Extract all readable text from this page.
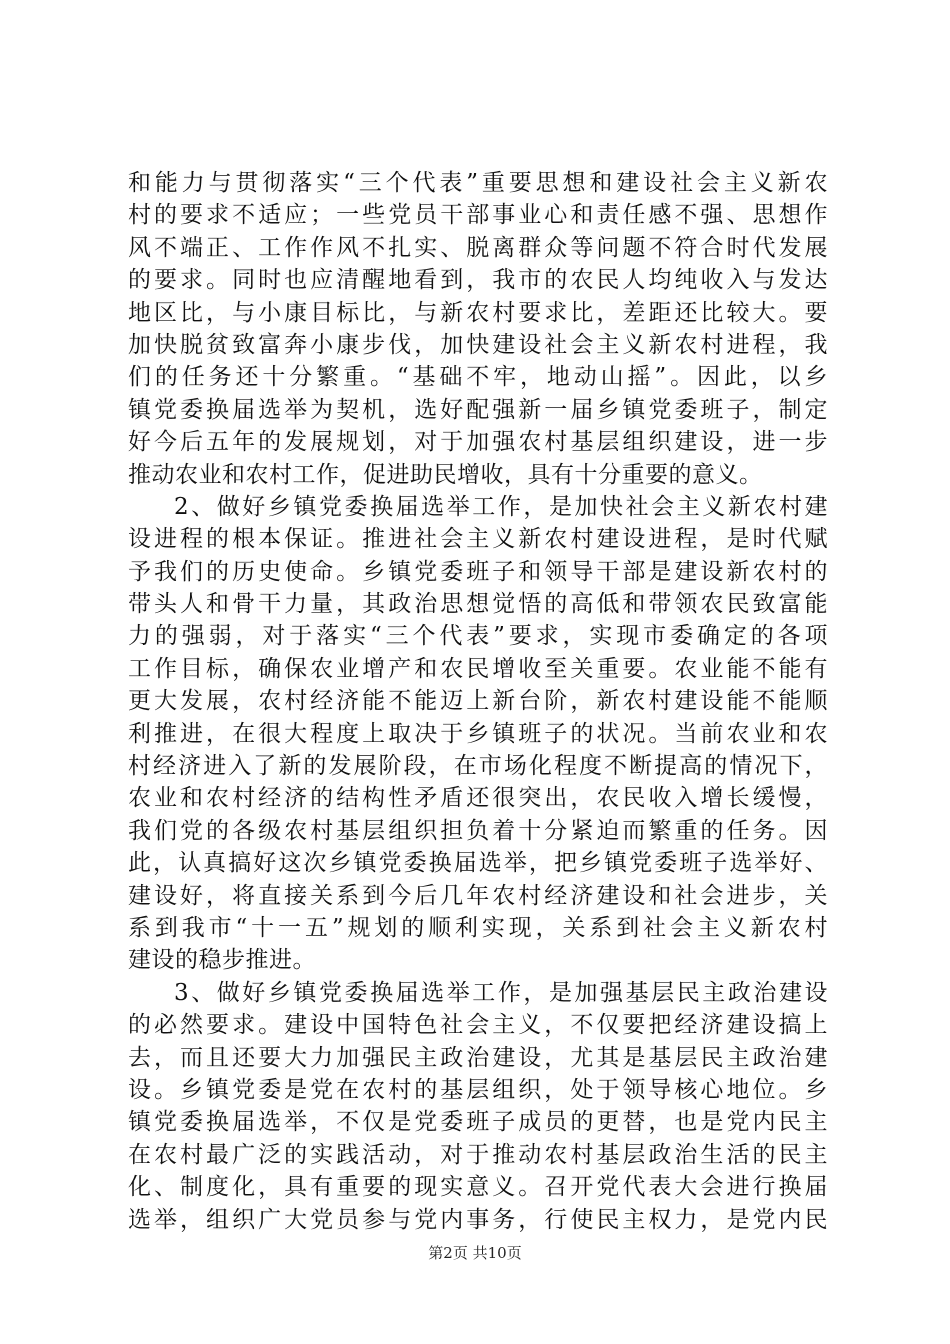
和能力与贯彻落实“三个代表”重要思想和建设社会主义新农
村的要求不适应；一些党员干部事业心和责任感不强、思想作
风不端正、工作作风不扎实、脱离群众等问题不符合时代发展
的要求。同时也应清醒地看到，我市的农民人均纯收入与发达
地区比，与小康目标比，与新农村要求比，差距还比较大。要
加快脱贫致富奔小康步伐，加快建设社会主义新农村进程，我
们的任务还十分繁重。“基础不牢，地动山摇”。因此，以乡
镇党委换届选举为契机，选好配强新一届乡镇党委班子，制定
好今后五年的发展规划，对于加强农村基层组织建设，进一步
推动农业和农村工作，促进助民增收，具有十分重要的意义。
2、做好乡镇党委换届选举工作，是加快社会主义新农村建
设进程的根本保证。推进社会主义新农村建设进程，是时代赋
予我们的历史使命。乡镇党委班子和领导干部是建设新农村的
带头人和骨干力量，其政治思想觉悟的高低和带领农民致富能
力的强弱，对于落实“三个代表”要求，实现市委确定的各项
工作目标，确保农业增产和农民增收至关重要。农业能不能有
更大发展，农村经济能不能迈上新台阶，新农村建设能不能顺
利推进，在很大程度上取决于乡镇班子的状况。当前农业和农
村经济进入了新的发展阶段，在市场化程度不断提高的情况下，
农业和农村经济的结构性矛盾还很突出，农民收入增长缓慢，
我们党的各级农村基层组织担负着十分紧迫而繁重的任务。因
此，认真搞好这次乡镇党委换届选举，把乡镇党委班子选举好、
建设好，将直接关系到今后几年农村经济建设和社会进步，关
系到我市“十一五”规划的顺利实现，关系到社会主义新农村
建设的稳步推进。
3、做好乡镇党委换届选举工作，是加强基层民主政治建设
的必然要求。建设中国特色社会主义，不仅要把经济建设搞上
去，而且还要大力加强民主政治建设，尤其是基层民主政治建
设。乡镇党委是党在农村的基层组织，处于领导核心地位。乡
镇党委换届选举，不仅是党委班子成员的更替，也是党内民主
在农村最广泛的实践活动，对于推动农村基层政治生活的民主
化、制度化，具有重要的现实意义。召开党代表大会进行换届
选举，组织广大党员参与党内事务，行使民主权力，是党内民
第2页 共10页
